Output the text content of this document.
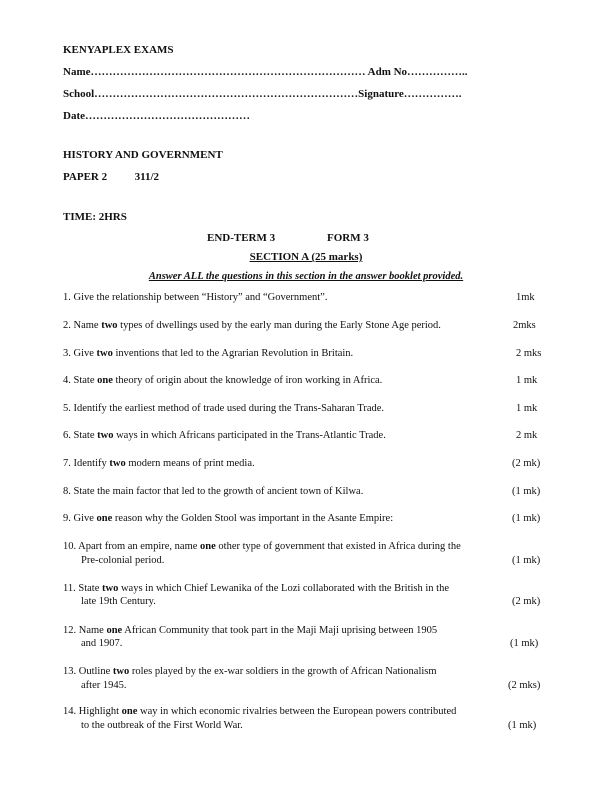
KENYAPLEX EXAMS
Name………………………………………………………………… Adm No……………..
School………………………………………………………………Signature…………….
Date………………………………………
HISTORY AND GOVERNMENT
PAPER 2	311/2
TIME: 2HRS
END-TERM 3	FORM 3
SECTION A (25 marks)
Answer ALL the questions in this section in the answer booklet provided.
1. Give the relationship between “History” and “Government”.	1mk
2. Name two types of dwellings used by the early man during the Early Stone Age period.	2mks
3. Give two inventions that led to the Agrarian Revolution in Britain.	2 mks
4. State one theory of origin about the knowledge of iron working in Africa.	1 mk
5. Identify the earliest method of trade used during the Trans-Saharan Trade.	1 mk
6. State two ways in which Africans participated in the Trans-Atlantic Trade.	2 mk
7. Identify two modern means of print media.	(2 mk)
8. State the main factor that led to the growth of ancient town of Kilwa.	(1 mk)
9. Give one reason why the Golden Stool was important in the Asante Empire:	(1 mk)
10. Apart from an empire, name one other type of government that existed in Africa during the
Pre-colonial period.	(1 mk)
11. State two ways in which Chief Lewanika of the Lozi collaborated with the British in the
late 19th Century.	(2 mk)
12. Name one African Community that took part in the Maji Maji uprising between 1905
and 1907.	(1 mk)
13. Outline two roles played by the ex-war soldiers in the growth of African Nationalism
after 1945.	(2 mks)
14. Highlight one way in which economic rivalries between the European powers contributed
to the outbreak of the First World War.	(1 mk)
